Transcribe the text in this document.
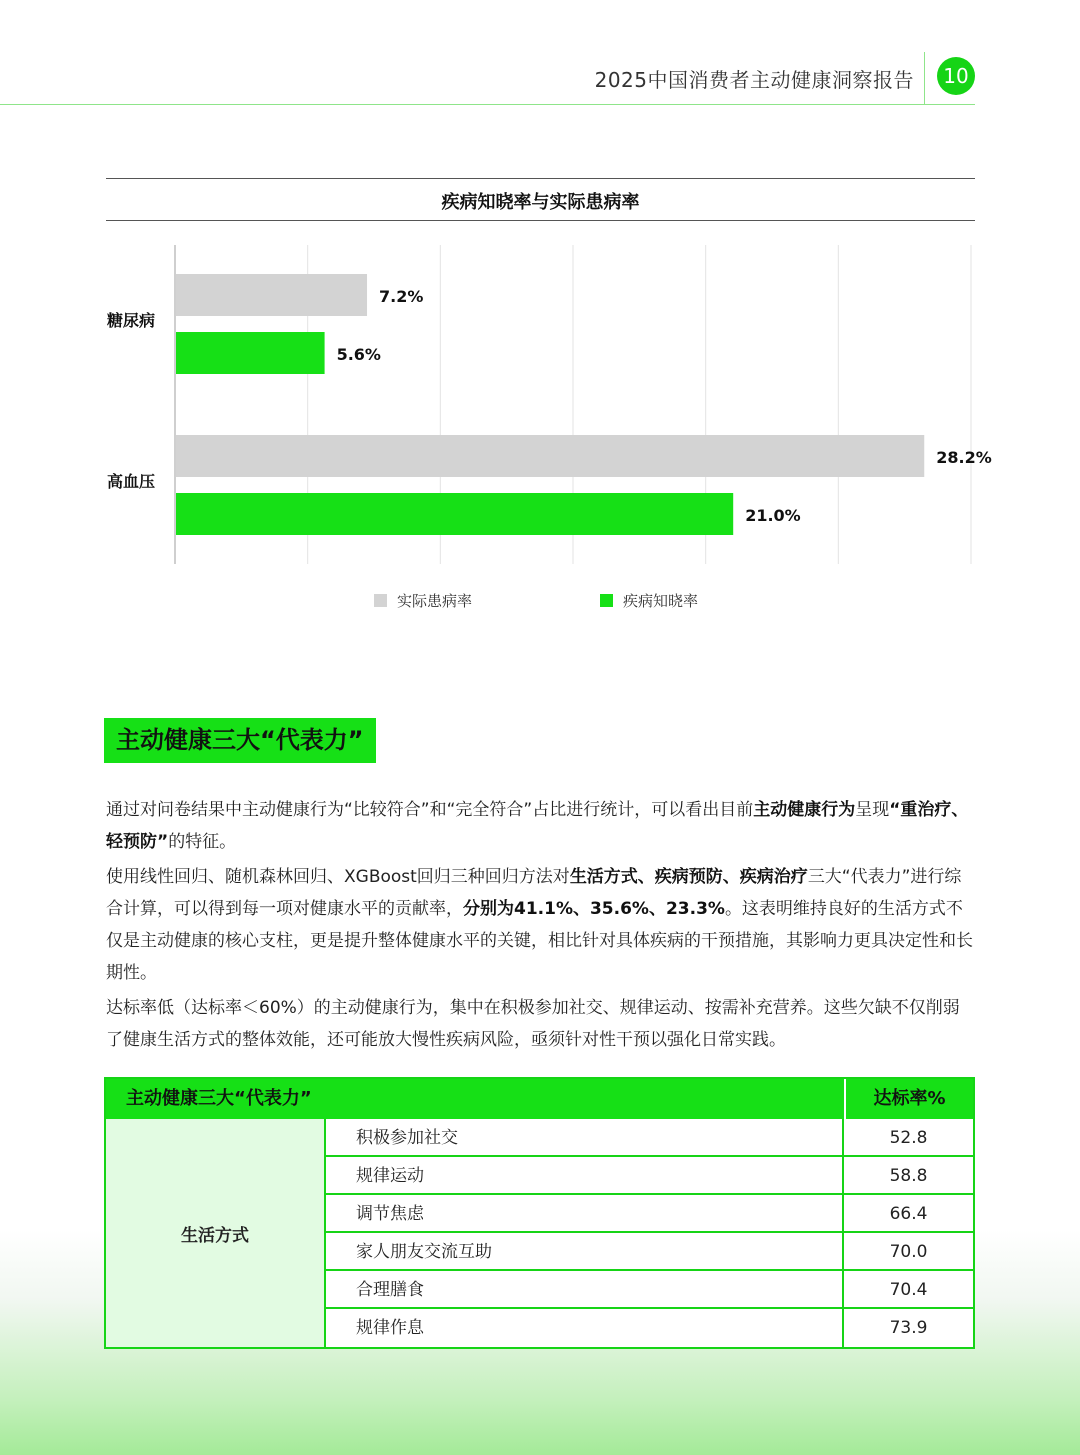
2025中国消费者主动健康洞察报告	10
疾病知晓率与实际患病率
糖尿病
7.2%
5.6%
高血压
28.2%
21.0%
实际患病率	疾病知晓率
主动健康三大“代表力”
通过对问卷结果中主动健康行为“比较符合”和“完全符合”占比进行统计，可以看出目前主动健康行为呈现“重治疗、轻预防”的特征。
使用线性回归、随机森林回归、XGBoost回归三种回归方法对生活方式、疾病预防、疾病治疗三大“代表力”进行综合计算，可以得到每一项对健康水平的贡献率，分别为41.1%、35.6%、23.3%。这表明维持良好的生活方式不仅是主动健康的核心支柱，更是提升整体健康水平的关键，相比针对具体疾病的干预措施，其影响力更具决定性和长期性。
达标率低（达标率＜60%）的主动健康行为，集中在积极参加社交、规律运动、按需补充营养。这些欠缺不仅削弱了健康生活方式的整体效能，还可能放大慢性疾病风险，亟须针对性干预以强化日常实践。
主动健康三大“代表力”	达标率%
生活方式
积极参加社交	52.8
规律运动	58.8
调节焦虑	66.4
家人朋友交流互助	70.0
合理膳食	70.4
规律作息	73.9
